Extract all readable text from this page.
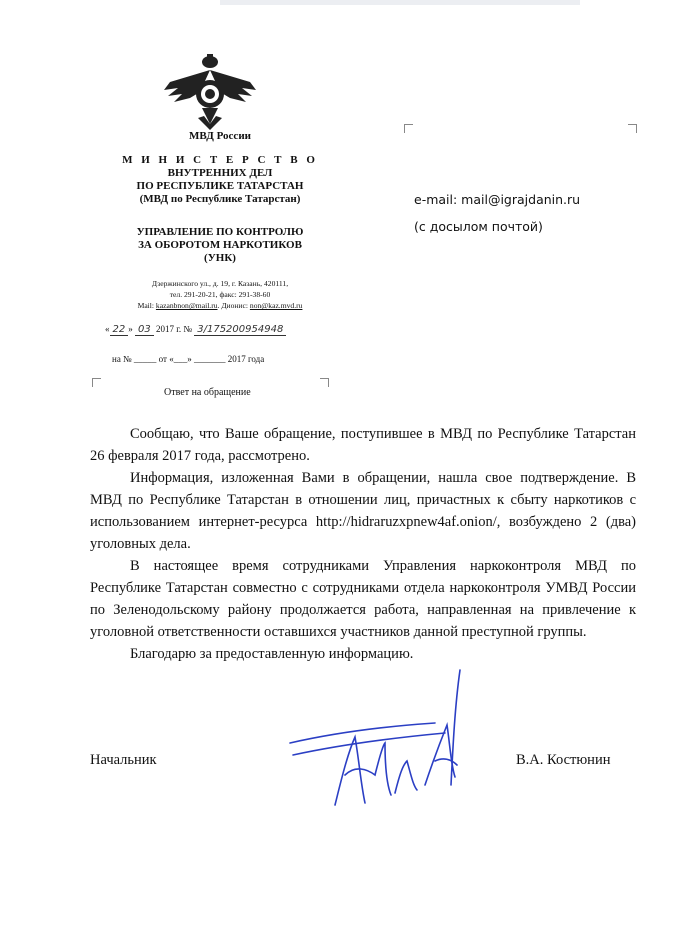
МВД России
М И Н И С Т Е Р С Т В О
ВНУТРЕННИХ ДЕЛ
ПО РЕСПУБЛИКЕ ТАТАРСТАН
(МВД по Республике Татарстан)
УПРАВЛЕНИЕ ПО КОНТРОЛЮ
ЗА ОБОРОТОМ НАРКОТИКОВ
(УНК)
Дзержинского ул., д. 19, г. Казань, 420111,
тел. 291-20-21, факс: 291-38-60
Mail: kazanbnon@mail.ru. Дионис: non@kaz.mvd.ru
« 22 » 03 2017 г. № 3/175200954948
на № _____ от «___» _______ 2017 года
Ответ на обращение
e-mail: mail@igrajdanin.ru
(с досылом почтой)

Сообщаю, что Ваше обращение, поступившее в МВД по Республике Татарстан 26 февраля 2017 года, рассмотрено.

Информация, изложенная Вами в обращении, нашла свое подтверждение. В МВД по Республике Татарстан в отношении лиц, причастных к сбыту наркотиков с использованием интернет-ресурса http://hidraruzxpnew4af.onion/, возбуждено 2 (два) уголовных дела.

В настоящее время сотрудниками Управления наркоконтроля МВД по Республике Татарстан совместно с сотрудниками отдела наркоконтроля УМВД России по Зеленодольскому району продолжается работа, направленная на привлечение к уголовной ответственности оставшихся участников данной преступной группы.

Благодарю за предоставленную информацию.

Начальник	В.А. Костюнин
